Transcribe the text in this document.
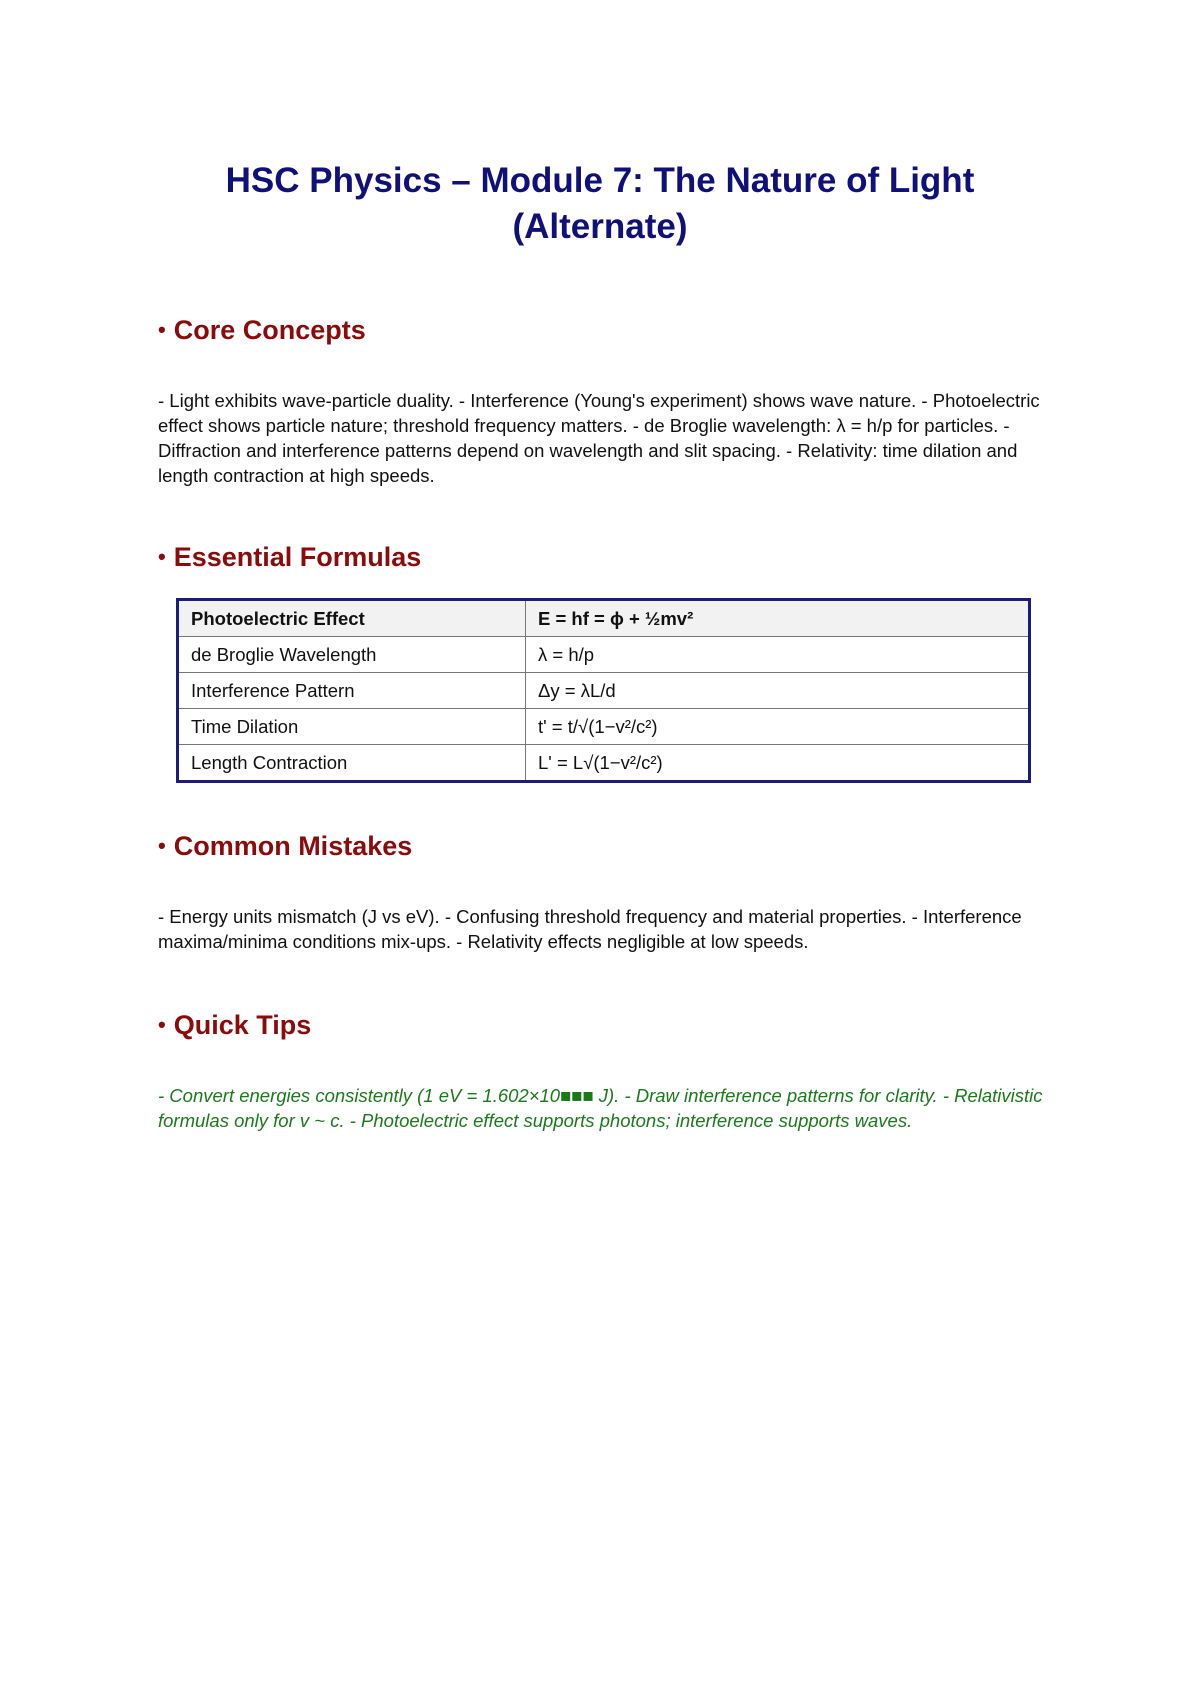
HSC Physics – Module 7: The Nature of Light (Alternate)
• Core Concepts

- Light exhibits wave-particle duality. - Interference (Young's experiment) shows wave nature. - Photoelectric effect shows particle nature; threshold frequency matters. - de Broglie wavelength: λ = h/p for particles. - Diffraction and interference patterns depend on wavelength and slit spacing. - Relativity: time dilation and length contraction at high speeds.

• Essential Formulas
Photoelectric Effect	E = hf = ϕ + ½mv²
de Broglie Wavelength	λ = h/p
Interference Pattern	Δy = λL/d
Time Dilation	t' = t/√(1−v²/c²)
Length Contraction	L' = L√(1−v²/c²)
• Common Mistakes

- Energy units mismatch (J vs eV). - Confusing threshold frequency and material properties. - Interference maxima/minima conditions mix-ups. - Relativity effects negligible at low speeds.

• Quick Tips

- Convert energies consistently (1 eV = 1.602×10■■■ J). - Draw interference patterns for clarity. - Relativistic formulas only for v ~ c. - Photoelectric effect supports photons; interference supports waves.
